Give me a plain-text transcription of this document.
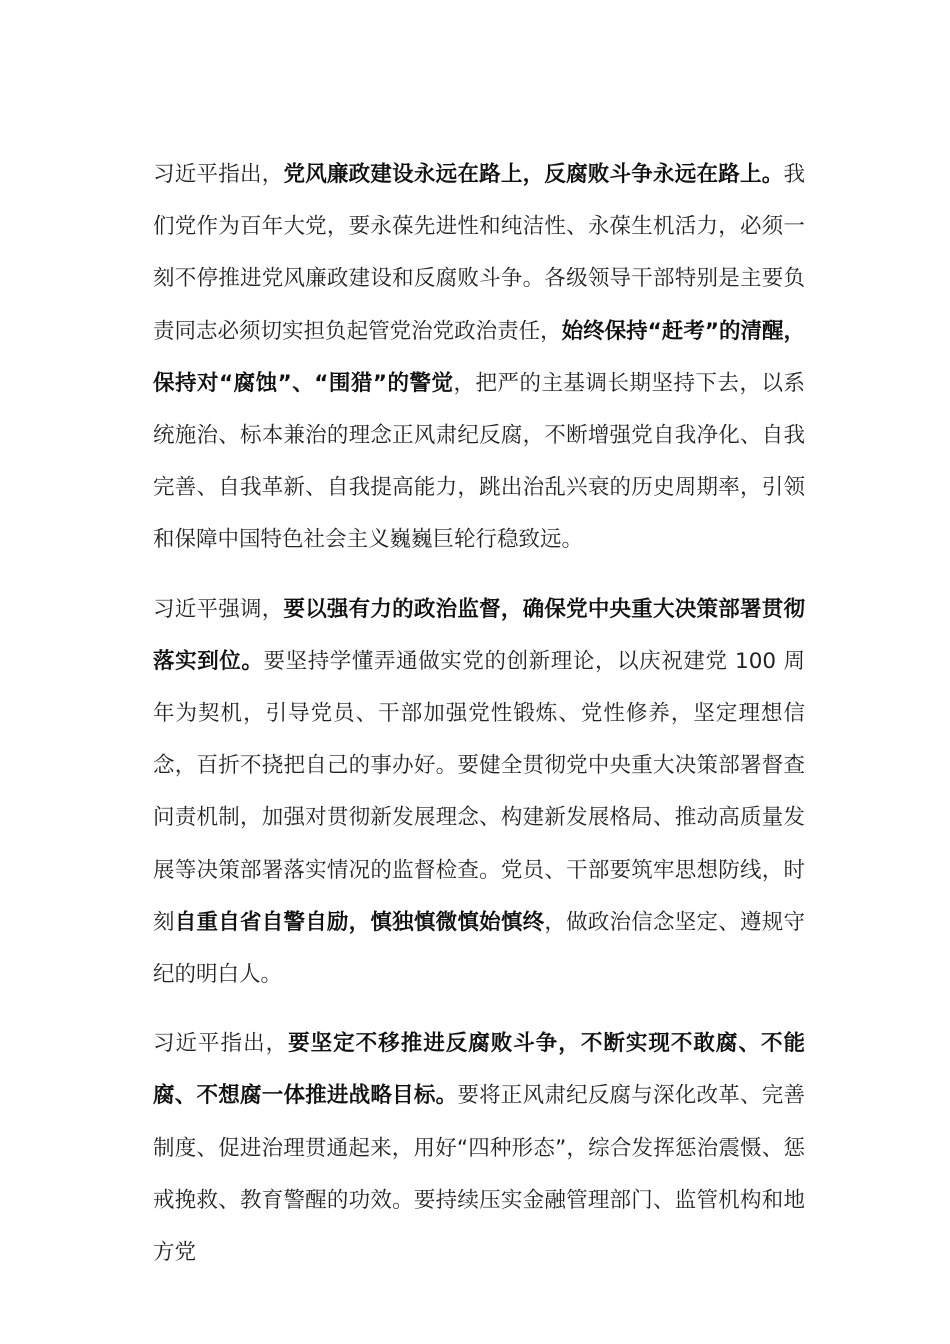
习近平指出，党风廉政建设永远在路上，反腐败斗争永远在路上。我们党作为百年大党，要永葆先进性和纯洁性、永葆生机活力，必须一刻不停推进党风廉政建设和反腐败斗争。各级领导干部特别是主要负责同志必须切实担负起管党治党政治责任，始终保持“赶考”的清醒，保持对“腐蚀”、“围猎”的警觉，把严的主基调长期坚持下去，以系统施治、标本兼治的理念正风肃纪反腐，不断增强党自我净化、自我完善、自我革新、自我提高能力，跳出治乱兴衰的历史周期率，引领和保障中国特色社会主义巍巍巨轮行稳致远。

习近平强调，要以强有力的政治监督，确保党中央重大决策部署贯彻落实到位。要坚持学懂弄通做实党的创新理论，以庆祝建党 100 周年为契机，引导党员、干部加强党性锻炼、党性修养，坚定理想信念，百折不挠把自己的事办好。要健全贯彻党中央重大决策部署督查问责机制，加强对贯彻新发展理念、构建新发展格局、推动高质量发展等决策部署落实情况的监督检查。党员、干部要筑牢思想防线，时刻自重自省自警自励，慎独慎微慎始慎终，做政治信念坚定、遵规守纪的明白人。

习近平指出，要坚定不移推进反腐败斗争，不断实现不敢腐、不能腐、不想腐一体推进战略目标。要将正风肃纪反腐与深化改革、完善制度、促进治理贯通起来，用好“四种形态”，综合发挥惩治震慑、惩戒挽救、教育警醒的功效。要持续压实金融管理部门、监管机构和地方党
